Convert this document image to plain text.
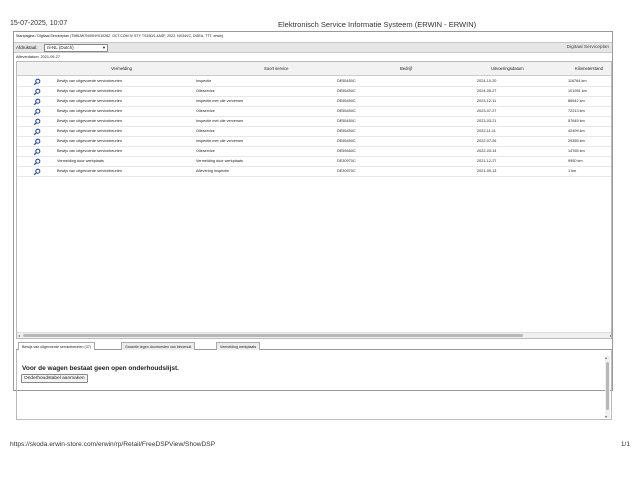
15-07-2025, 10:07	Elektronisch Service Informatie Systeem (ERWIN - ERWIN)
Startpagina / Digitaal Serviceplan (TMBJW7NX0NY010262, OCT.COM IV STY TS150/1.4ASF, 2022, NX34VC, DGEA, TTT, erwin)
Afdruktaal:	nl-NL (Dutch)	▼	Digitaal Serviceplan
Afleverdatum: 2021-09-27
Vermelding	Soort service	Bedrijf	Uitvoeringsdatum	Kilometerstand
Bewijs van uitgevoerde servicebeurten	Inspectie	DE55450C	2024-10-20	116764 km
Bewijs van uitgevoerde servicebeurten	Olieservice	DE55450C	2024-05-27	101951 km
Bewijs van uitgevoerde servicebeurten	Inspectie met olie verversen	DE55450C	2023-12-11	86942 km
Bewijs van uitgevoerde servicebeurten	Olieservice	DE55450C	2023-07-27	72213 km
Bewijs van uitgevoerde servicebeurten	Inspectie met olie verversen	DE55450C	2023-03-21	57645 km
Bewijs van uitgevoerde servicebeurten	Olieservice	DE55450C	2022-11-11	42499 km
Bewijs van uitgevoerde servicebeurten	Inspectie met olie verversen	DE55450C	2022-07-26	29355 km
Bewijs van uitgevoerde servicebeurten	Olieservice	DE59460C	2022-03-14	14765 km
Vermelding door werkplaats	Vermelding door werkplaats	DE30970C	2021-12-27	9950 km
Bewijs van uitgevoerde servicebeurten	Aflevering Inspectie	DE30970C	2021-09-13	1 km
◂	▸
Bewijs van uitgevoerde servicebeurten (37)	Garantie tegen doorroesten van binnenuit	Vermelding werkplaats
Voor de wagen bestaat geen open onderhoudslijst.
Onderhoudstabel aanmaken
▴
▾
https://skoda.erwin-store.com/erwin/rp/Retail/FreeDSPView/ShowDSP	1/1
